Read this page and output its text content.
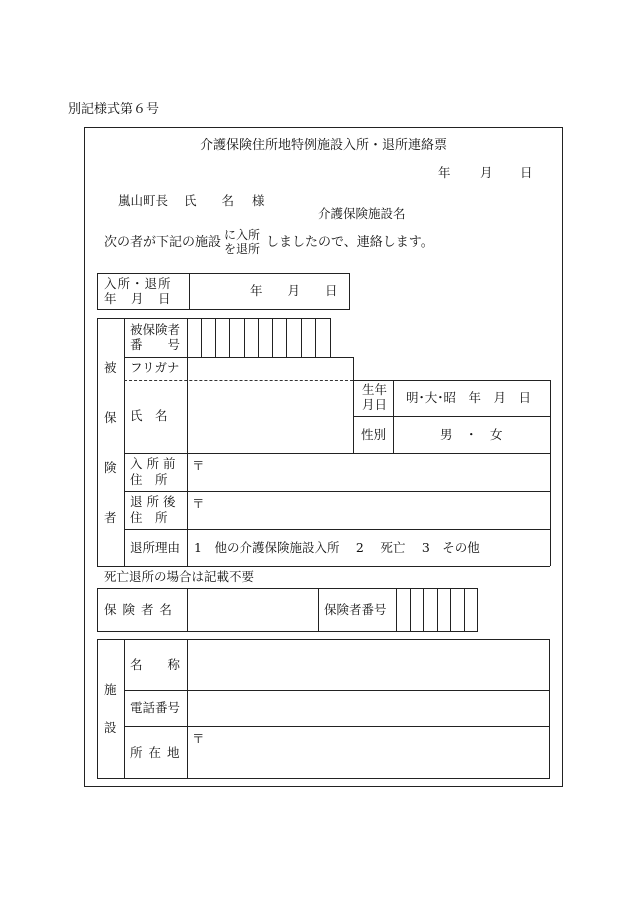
別記様式第６号
介護保険住所地特例施設入所・退所連絡票
年 月 日
嵐山町長 氏　　名 様
介護保険施設名
次の者が下記の施設 に入所
を退所 しましたので、連絡します。
入所・退所
年　月　日
年　　月　　日
被
保
険
者
被保険者
番　　号
フリガナ
氏　名
生年
月日 明･大･昭　年　月　日
性別	男　・　女
入所前
住　所
〒
退所後
住　所
〒
退所理由 1　他の介護保険施設入所　 2　 死亡　 3　その他
死亡退所の場合は記載不要
保 険 者 名	保険者番号
施
設
名　　称
電話番号
所 在 地
〒
